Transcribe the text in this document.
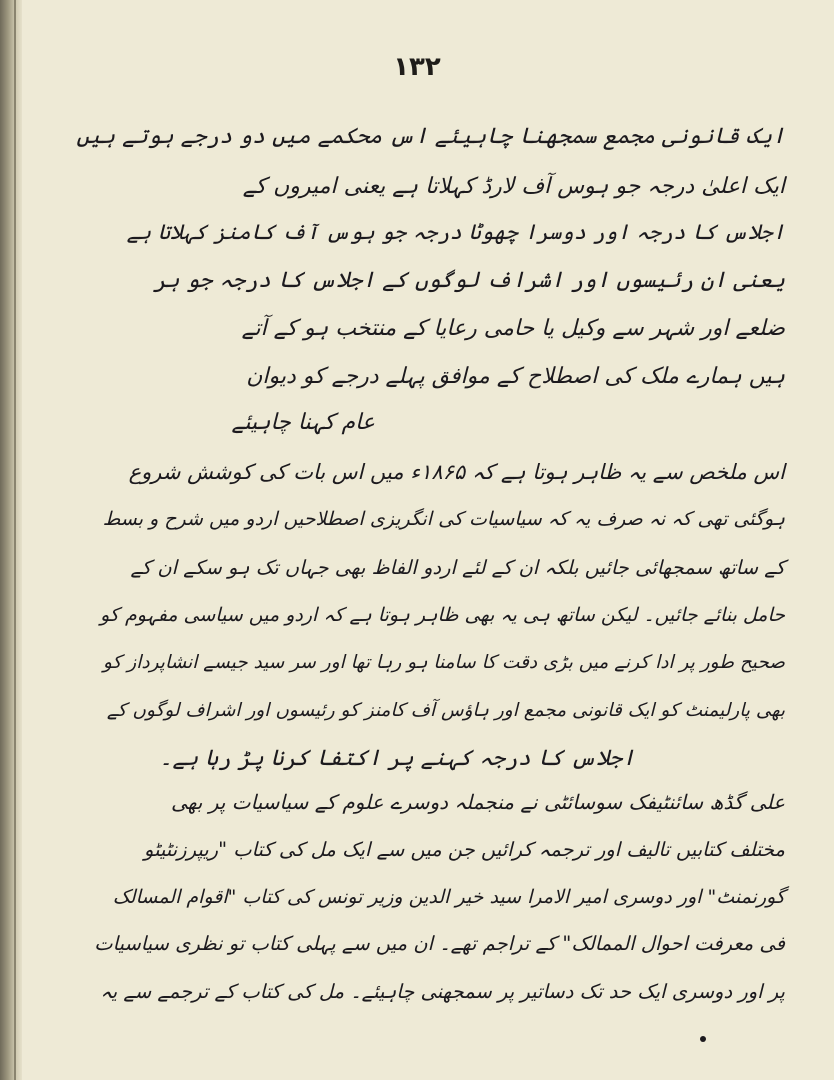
۱۳۲
ایک قانونی مجمع سمجھنا چاہیئے اس محکمے میں دو درجے ہوتے ہیں
ایک اعلیٰ درجہ جو ہوس آف لارڈ کہلاتا ہے یعنی امیروں کے
اجلاس کا درجہ اور دوسرا چھوٹا درجہ جو ہوس آف کامنز کہلاتا ہے
یعنی ان رئیسوں اور اشراف لوگوں کے اجلاس کا درجہ جو ہر
ضلعے اور شہر سے وکیل یا حامی رعایا کے منتخب ہو کے آتے
ہیں ہمارے ملک کی اصطلاح کے موافق پہلے درجے کو دیوان
عام کہنا چاہیئے
اس ملخص سے یہ ظاہر ہوتا ہے کہ ۱۸۶۵ء میں اس بات کی کوشش شروع
ہوگئی تھی کہ نہ صرف یہ کہ سیاسیات کی انگریزی اصطلاحیں اردو میں شرح و بسط
کے ساتھ سمجھائی جائیں بلکہ ان کے لئے اردو الفاظ بھی جہاں تک ہو سکے ان کے
حامل بنائے جائیں۔ لیکن ساتھ ہی یہ بھی ظاہر ہوتا ہے کہ اردو میں سیاسی مفہوم کو
صحیح طور پر ادا کرنے میں بڑی دقت کا سامنا ہو رہا تھا اور سر سید جیسے انشاپرداز کو
بھی پارلیمنٹ کو ایک قانونی مجمع اور ہاؤس آف کامنز کو رئیسوں اور اشراف لوگوں کے
اجلاس کا درجہ کہنے پر اکتفا کرنا پڑ رہا ہے۔
علی گڈھ سائنٹیفک سوسائٹی نے منجملہ دوسرے علوم کے سیاسیات پر بھی
مختلف کتابیں تالیف اور ترجمہ کرائیں جن میں سے ایک مل کی کتاب "ریپرزنٹیٹو
گورنمنٹ" اور دوسری امیر الامرا سید خیر الدین وزیر تونس کی کتاب "اقوام المسالک
فی معرفت احوال الممالک" کے تراجم تھے۔ ان میں سے پہلی کتاب تو نظری سیاسیات
پر اور دوسری ایک حد تک دساتیر پر سمجھنی چاہیئے۔ مل کی کتاب کے ترجمے سے یہ
